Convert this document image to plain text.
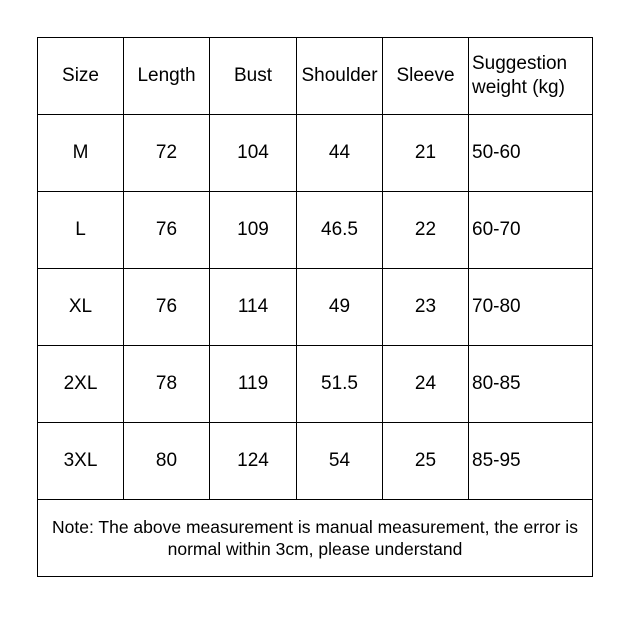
Size	Length	Bust	Shoulder	Sleeve	Suggestion weight (kg)
M	72	104	44	21	50-60
L	76	109	46.5	22	60-70
XL	76	114	49	23	70-80
2XL	78	119	51.5	24	80-85
3XL	80	124	54	25	85-95
Note: The above measurement is manual measurement, the error is normal within 3cm, please understand					
